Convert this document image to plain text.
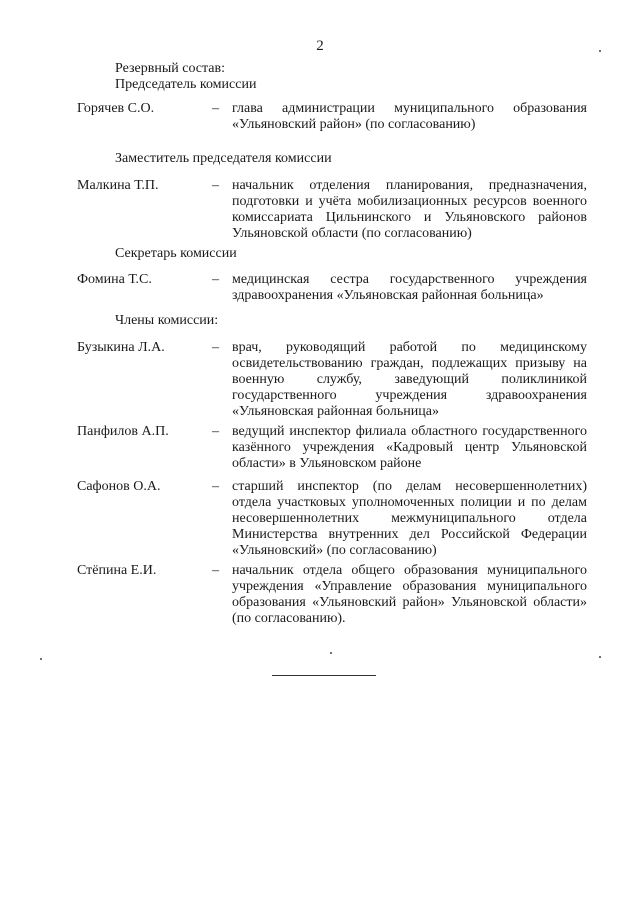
2
Резервный состав:
Председатель комиссии
Горячев С.О.	– глава администрации муниципального образования «Ульяновский район» (по согласованию)
Заместитель председателя комиссии
Малкина Т.П.	– начальник отделения планирования, предназначения, подготовки и учёта мобилизационных ресурсов военного комиссариата Цильнинского и Ульяновского районов Ульяновской области (по согласованию)
Секретарь комиссии
Фомина Т.С.	– медицинская сестра государственного учреждения здравоохранения «Ульяновская районная больница»
Члены комиссии:
Бузыкина Л.А.	– врач, руководящий работой по медицинскому освидетельствованию граждан, подлежащих призыву на военную службу, заведующий поликлиникой государственного учреждения здравоохранения «Ульяновская районная больница»
Панфилов А.П.	– ведущий инспектор филиала областного государственного казённого учреждения «Кадровый центр Ульяновской области» в Ульяновском районе
Сафонов О.А.	– старший инспектор (по делам несовершеннолетних) отдела участковых уполномоченных полиции и по делам несовершеннолетних межмуниципального отдела Министерства внутренних дел Российской Федерации «Ульяновский» (по согласованию)
Стёпина Е.И.	– начальник отдела общего образования муниципального учреждения «Управление образования муниципального образования «Ульяновский район» Ульяновской области» (по согласованию).
